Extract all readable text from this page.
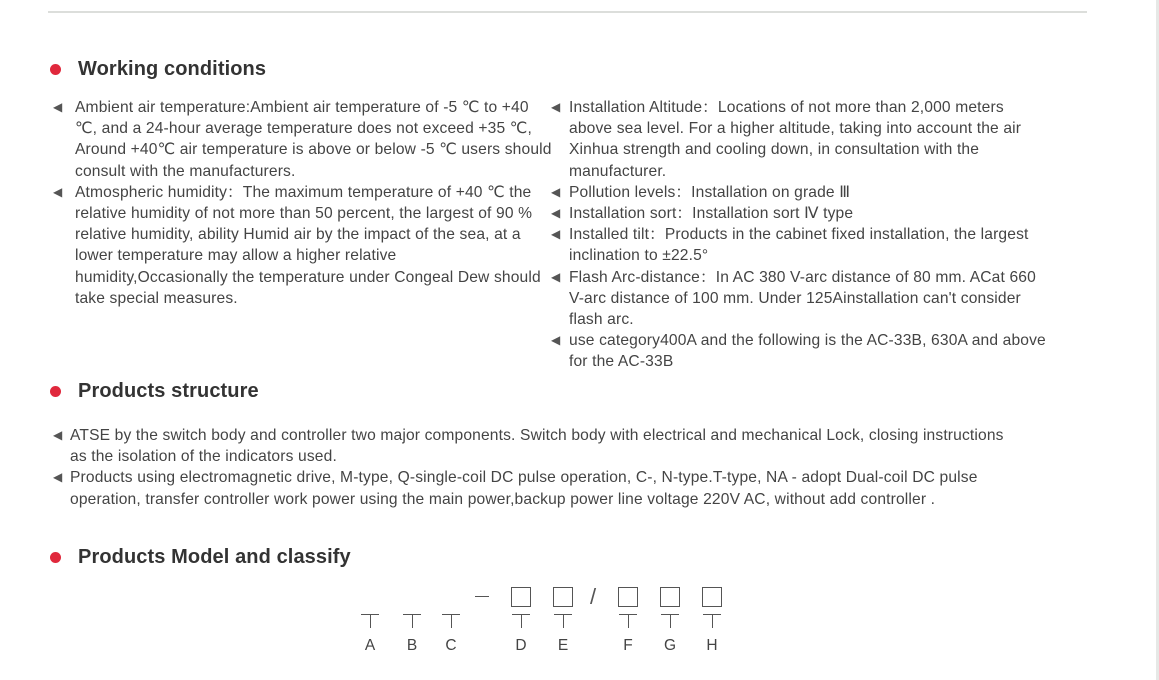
Working conditions
◀ Ambient air temperature:Ambient air temperature of -5 ℃ to +40 ℃, and a 24-hour average temperature does not exceed +35 ℃, Around +40℃ air temperature is above or below -5 ℃ users should consult with the manufacturers.
◀ Atmospheric humidity：The maximum temperature of +40 ℃ the relative humidity of not more than 50 percent, the largest of 90 % relative humidity, ability Humid air by the impact of the sea, at a lower temperature may allow a higher relative humidity,Occasionally the temperature under Congeal Dew should take special measures.
◀ Installation Altitude：Locations of not more than 2,000 meters above sea level. For a higher altitude, taking into account the air Xinhua strength and cooling down, in consultation with the manufacturer.
◀ Pollution levels：Installation on grade Ⅲ
◀ Installation sort：Installation sort Ⅳ type
◀ Installed tilt：Products in the cabinet fixed installation, the largest inclination to ±22.5°
◀ Flash Arc-distance：In AC 380 V-arc distance of 80 mm. ACat 660 V-arc distance of 100 mm. Under 125Ainstallation can't consider flash arc.
◀ use category400A and the following is the AC-33B, 630A and above for the AC-33B
Products structure
◀ ATSE by the switch body and controller two major components. Switch body with electrical and mechanical Lock, closing instructions as the isolation of the indicators used.
◀ Products using electromagnetic drive, M-type, Q-single-coil DC pulse operation, C-, N-type.T-type, NA - adopt Dual-coil DC pulse operation, transfer controller work power using the main power,backup power line voltage 220V AC, without add controller .
Products Model and classify
/
A B C	D E	F G H
